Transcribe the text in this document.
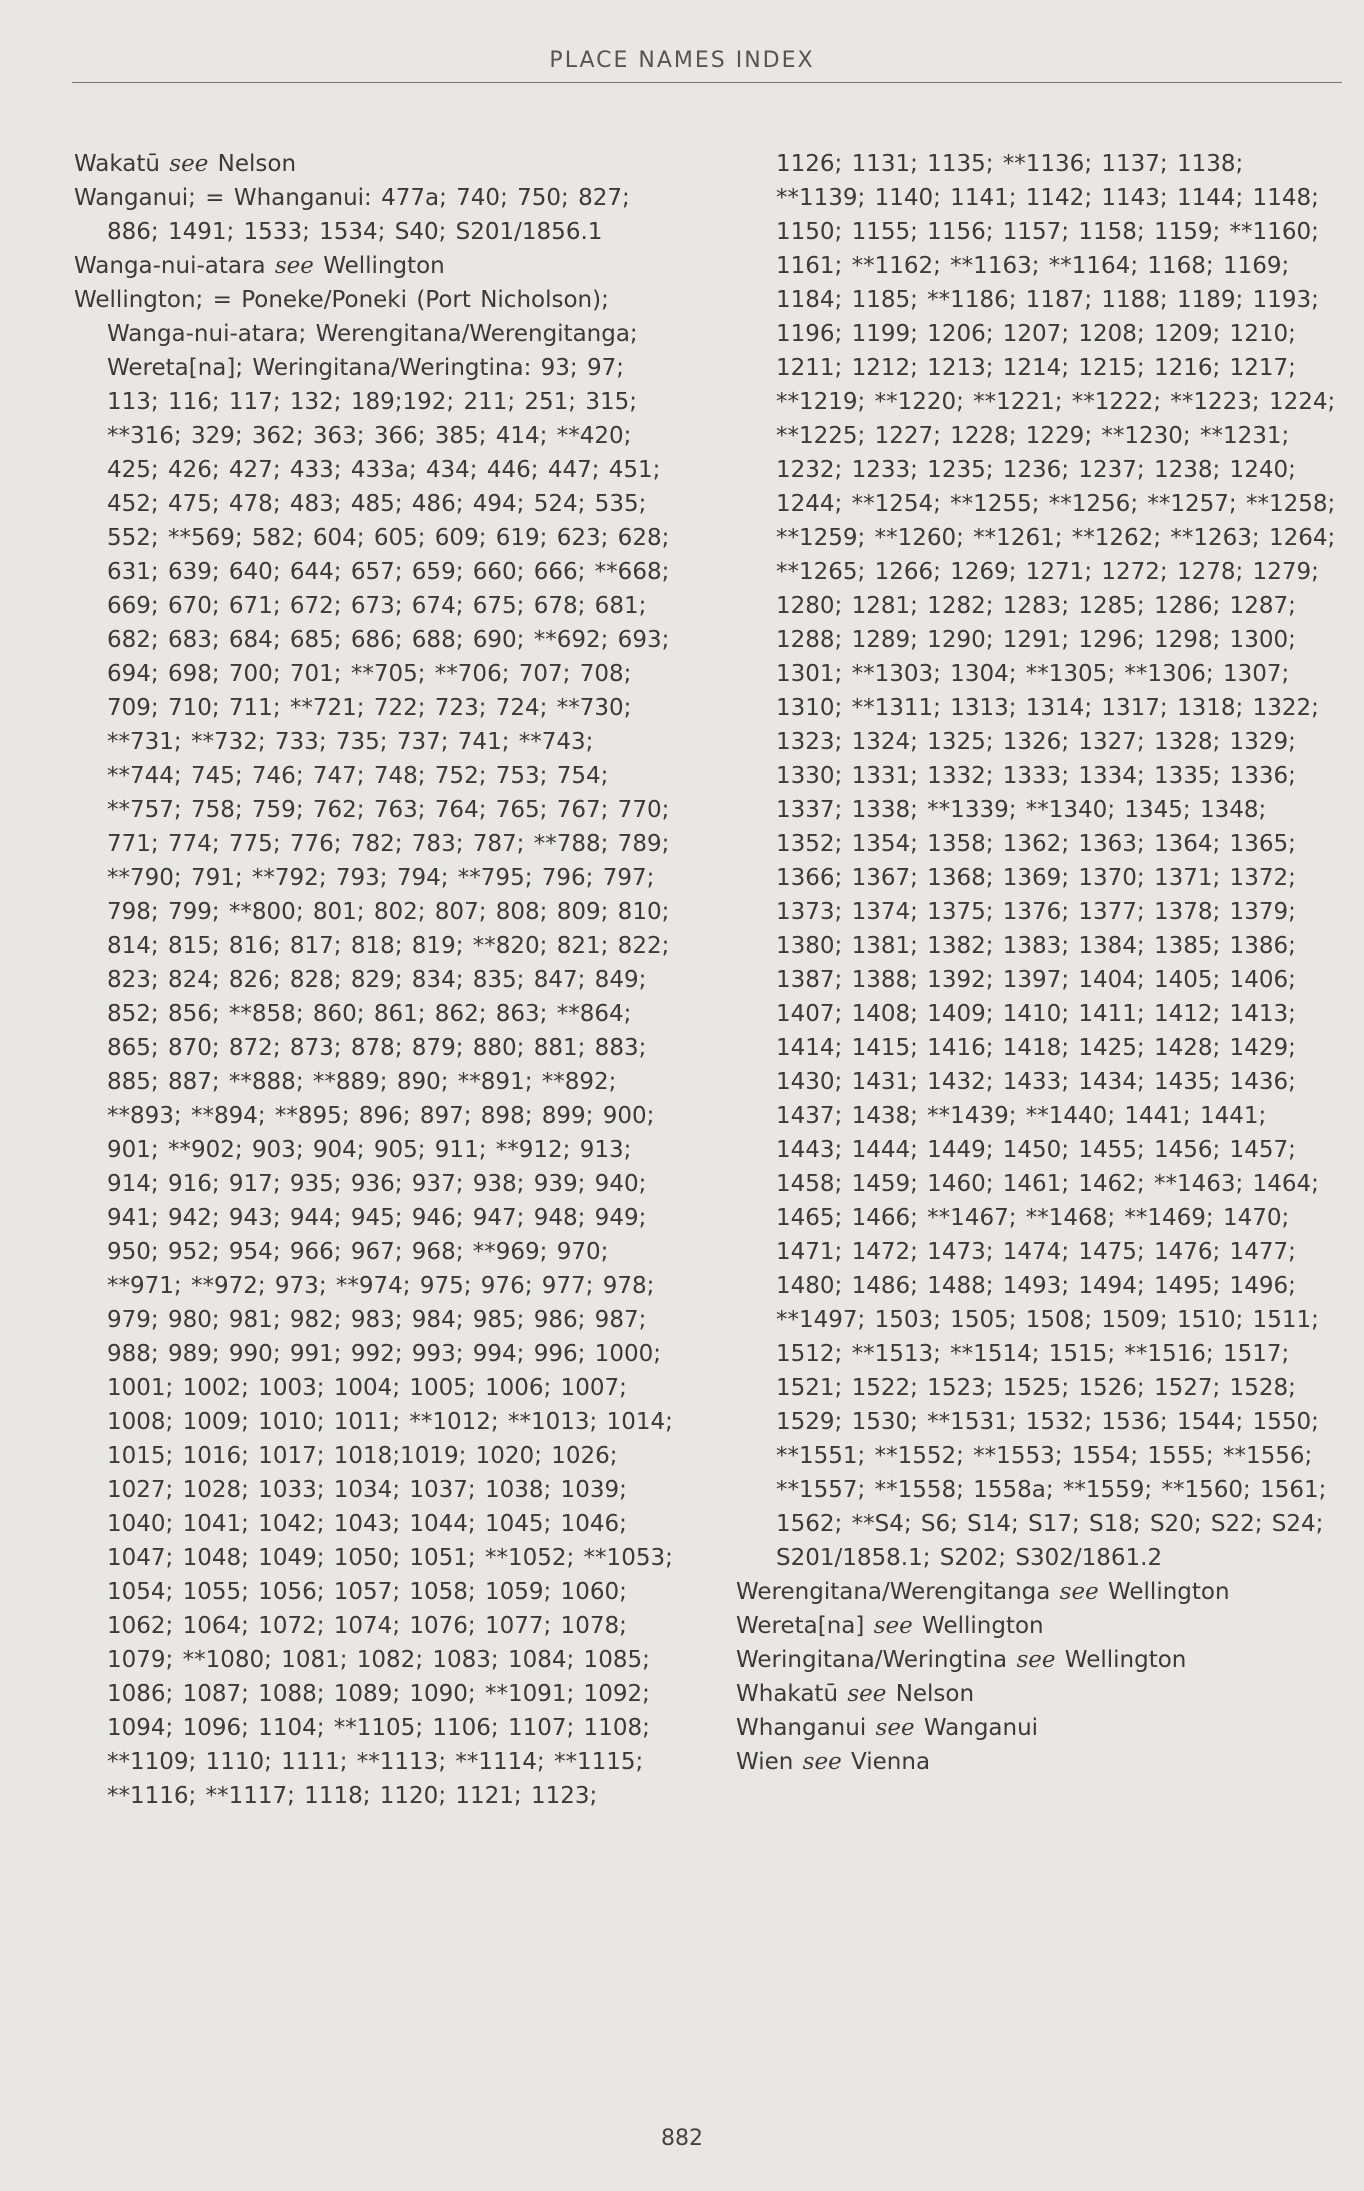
PLACE NAMES INDEX

Wakatū see Nelson

Wanganui; = Whanganui: 477a; 740; 750; 827; 886; 1491; 1533; 1534; S40; S201/1856.1

Wanga-nui-atara see Wellington

Wellington; = Poneke/Poneki (Port Nicholson); Wanga-nui-atara; Werengitana/Werengitanga; Wereta[na]; Weringitana/Weringtina: 93; 97; 113; 116; 117; 132; 189;192; 211; 251; 315; **316; 329; 362; 363; 366; 385; 414; **420; 425; 426; 427; 433; 433a; 434; 446; 447; 451; 452; 475; 478; 483; 485; 486; 494; 524; 535; 552; **569; 582; 604; 605; 609; 619; 623; 628; 631; 639; 640; 644; 657; 659; 660; 666; **668; 669; 670; 671; 672; 673; 674; 675; 678; 681; 682; 683; 684; 685; 686; 688; 690; **692; 693; 694; 698; 700; 701; **705; **706; 707; 708; 709; 710; 711; **721; 722; 723; 724; **730; **731; **732; 733; 735; 737; 741; **743; **744; 745; 746; 747; 748; 752; 753; 754; **757; 758; 759; 762; 763; 764; 765; 767; 770; 771; 774; 775; 776; 782; 783; 787; **788; 789; **790; 791; **792; 793; 794; **795; 796; 797; 798; 799; **800; 801; 802; 807; 808; 809; 810; 814; 815; 816; 817; 818; 819; **820; 821; 822; 823; 824; 826; 828; 829; 834; 835; 847; 849; 852; 856; **858; 860; 861; 862; 863; **864; 865; 870; 872; 873; 878; 879; 880; 881; 883; 885; 887; **888; **889; 890; **891; **892; **893; **894; **895; 896; 897; 898; 899; 900; 901; **902; 903; 904; 905; 911; **912; 913; 914; 916; 917; 935; 936; 937; 938; 939; 940; 941; 942; 943; 944; 945; 946; 947; 948; 949; 950; 952; 954; 966; 967; 968; **969; 970; **971; **972; 973; **974; 975; 976; 977; 978; 979; 980; 981; 982; 983; 984; 985; 986; 987; 988; 989; 990; 991; 992; 993; 994; 996; 1000; 1001; 1002; 1003; 1004; 1005; 1006; 1007; 1008; 1009; 1010; 1011; **1012; **1013; 1014; 1015; 1016; 1017; 1018;1019; 1020; 1026; 1027; 1028; 1033; 1034; 1037; 1038; 1039; 1040; 1041; 1042; 1043; 1044; 1045; 1046; 1047; 1048; 1049; 1050; 1051; **1052; **1053; 1054; 1055; 1056; 1057; 1058; 1059; 1060; 1062; 1064; 1072; 1074; 1076; 1077; 1078; 1079; **1080; 1081; 1082; 1083; 1084; 1085; 1086; 1087; 1088; 1089; 1090; **1091; 1092; 1094; 1096; 1104; **1105; 1106; 1107; 1108; **1109; 1110; 1111; **1113; **1114; **1115; **1116; **1117; 1118; 1120; 1121; 1123;

1126; 1131; 1135; **1136; 1137; 1138; **1139; 1140; 1141; 1142; 1143; 1144; 1148; 1150; 1155; 1156; 1157; 1158; 1159; **1160; 1161; **1162; **1163; **1164; 1168; 1169; 1184; 1185; **1186; 1187; 1188; 1189; 1193; 1196; 1199; 1206; 1207; 1208; 1209; 1210; 1211; 1212; 1213; 1214; 1215; 1216; 1217; **1219; **1220; **1221; **1222; **1223; 1224; **1225; 1227; 1228; 1229; **1230; **1231; 1232; 1233; 1235; 1236; 1237; 1238; 1240; 1244; **1254; **1255; **1256; **1257; **1258; **1259; **1260; **1261; **1262; **1263; 1264; **1265; 1266; 1269; 1271; 1272; 1278; 1279; 1280; 1281; 1282; 1283; 1285; 1286; 1287; 1288; 1289; 1290; 1291; 1296; 1298; 1300; 1301; **1303; 1304; **1305; **1306; 1307; 1310; **1311; 1313; 1314; 1317; 1318; 1322; 1323; 1324; 1325; 1326; 1327; 1328; 1329; 1330; 1331; 1332; 1333; 1334; 1335; 1336; 1337; 1338; **1339; **1340; 1345; 1348; 1352; 1354; 1358; 1362; 1363; 1364; 1365; 1366; 1367; 1368; 1369; 1370; 1371; 1372; 1373; 1374; 1375; 1376; 1377; 1378; 1379; 1380; 1381; 1382; 1383; 1384; 1385; 1386; 1387; 1388; 1392; 1397; 1404; 1405; 1406; 1407; 1408; 1409; 1410; 1411; 1412; 1413; 1414; 1415; 1416; 1418; 1425; 1428; 1429; 1430; 1431; 1432; 1433; 1434; 1435; 1436; 1437; 1438; **1439; **1440; 1441; 1441; 1443; 1444; 1449; 1450; 1455; 1456; 1457; 1458; 1459; 1460; 1461; 1462; **1463; 1464; 1465; 1466; **1467; **1468; **1469; 1470; 1471; 1472; 1473; 1474; 1475; 1476; 1477; 1480; 1486; 1488; 1493; 1494; 1495; 1496; **1497; 1503; 1505; 1508; 1509; 1510; 1511; 1512; **1513; **1514; 1515; **1516; 1517; 1521; 1522; 1523; 1525; 1526; 1527; 1528; 1529; 1530; **1531; 1532; 1536; 1544; 1550; **1551; **1552; **1553; 1554; 1555; **1556; **1557; **1558; 1558a; **1559; **1560; 1561; 1562; **S4; S6; S14; S17; S18; S20; S22; S24; S201/1858.1; S202; S302/1861.2

Werengitana/Werengitanga see Wellington

Wereta[na] see Wellington

Weringitana/Weringtina see Wellington

Whakatū see Nelson

Whanganui see Wanganui

Wien see Vienna

882
